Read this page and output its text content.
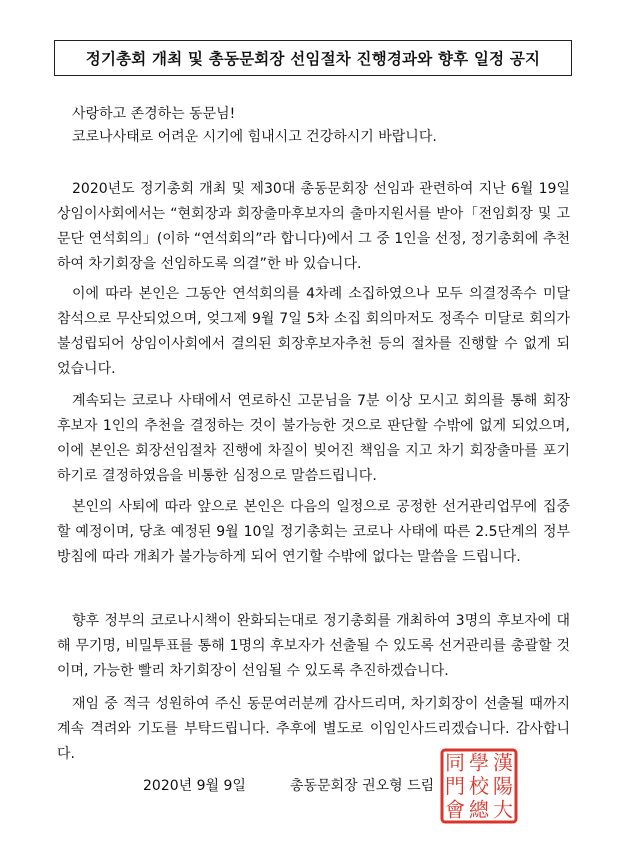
정기총회 개최 및 총동문회장 선임절차 진행경과와 향후 일정 공지
사랑하고 존경하는 동문님!
코로나사태로 어려운 시기에 힘내시고 건강하시기 바랍니다.

2020년도 정기총회 개최 및 제30대 총동문회장 선임과 관련하여 지난 6월 19일 상임이사회에서는 “현회장과 회장출마후보자의 출마지원서를 받아「전임회장 및 고문단 연석회의」(이하 “연석회의”라 합니다)에서 그 중 1인을 선정, 정기총회에 추천하여 차기회장을 선임하도록 의결”한 바 있습니다.

이에 따라 본인은 그동안 연석회의를 4차례 소집하였으나 모두 의결정족수 미달 참석으로 무산되었으며, 엊그제 9월 7일 5차 소집 회의마저도 정족수 미달로 회의가 불성립되어 상임이사회에서 결의된 회장후보자추천 등의 절차를 진행할 수 없게 되었습니다.

계속되는 코로나 사태에서 연로하신 고문님을 7분 이상 모시고 회의를 통해 회장후보자 1인의 추천을 결정하는 것이 불가능한 것으로 판단할 수밖에 없게 되었으며, 이에 본인은 회장선임절차 진행에 차질이 빚어진 책임을 지고 차기 회장출마를 포기하기로 결정하였음을 비통한 심정으로 말씀드립니다.

본인의 사퇴에 따라 앞으로 본인은 다음의 일정으로 공정한 선거관리업무에 집중할 예정이며, 당초 예정된 9월 10일 정기총회는 코로나 사태에 따른 2.5단계의 정부방침에 따라 개최가 불가능하게 되어 연기할 수밖에 없다는 말씀을 드립니다.

향후 정부의 코로나시책이 완화되는대로 정기총회를 개최하여 3명의 후보자에 대해 무기명, 비밀투표를 통해 1명의 후보자가 선출될 수 있도록 선거관리를 총괄할 것이며, 가능한 빨리 차기회장이 선임될 수 있도록 추진하겠습니다.

재임 중 적극 성원하여 주신 동문여러분께 감사드리며, 차기회장이 선출될 때까지 계속 격려와 기도를 부탁드립니다. 추후에 별도로 이임인사드리겠습니다. 감사합니다.

2020년 9월 9일	총동문회장 권오형 드림
漢
陽
大
學
校
總
同
門
會
